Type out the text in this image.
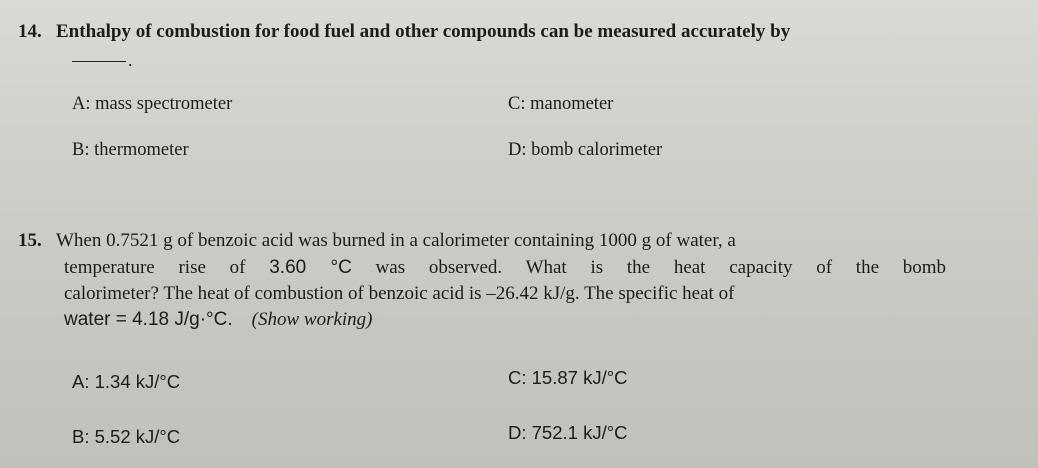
14. Enthalpy of combustion for food fuel and other compounds can be measured accurately by
.
A: mass spectrometer	C: manometer
B: thermometer	D: bomb calorimeter
15. When 0.7521 g of benzoic acid was burned in a calorimeter containing 1000 g of water, a
temperature rise of 3.60 °C was observed. What is the heat capacity of the bomb
calorimeter? The heat of combustion of benzoic acid is –26.42 kJ/g. The specific heat of
water = 4.18 J/g·°C. (Show working)
A: 1.34 kJ/°C	C: 15.87 kJ/°C
B: 5.52 kJ/°C	D: 752.1 kJ/°C
